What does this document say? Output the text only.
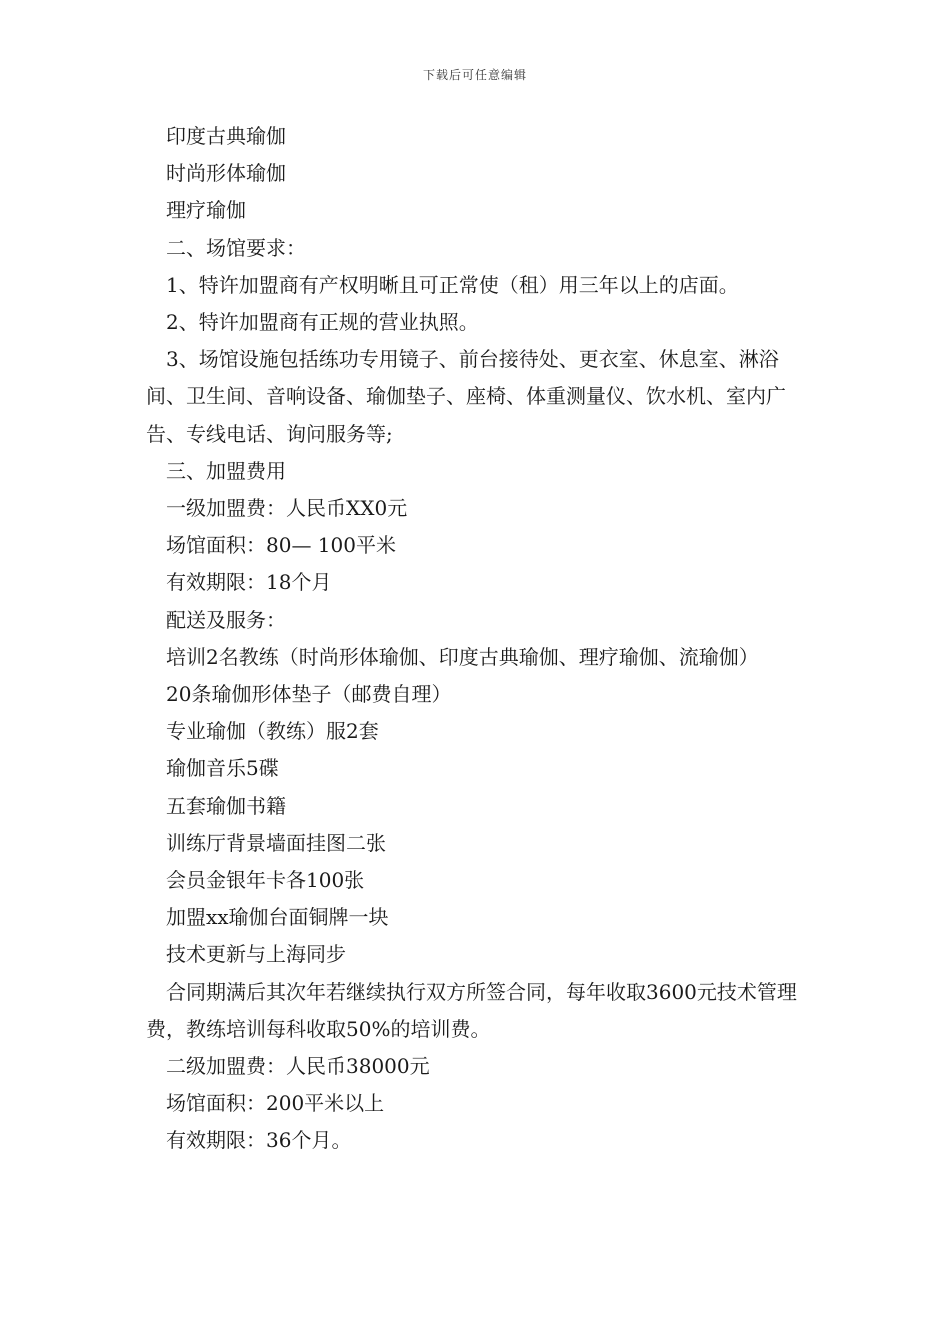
下载后可任意编辑

印度古典瑜伽

时尚形体瑜伽

理疗瑜伽

二、场馆要求：

1、特许加盟商有产权明晰且可正常使（租）用三年以上的店面。

2、特许加盟商有正规的营业执照。

3、场馆设施包括练功专用镜子、前台接待处、更衣室、休息室、淋浴间、卫生间、音响设备、瑜伽垫子、座椅、体重测量仪、饮水机、室内广告、专线电话、询问服务等;

三、加盟费用

一级加盟费：人民币XX0元

场馆面积：80— 100平米

有效期限：18个月

配送及服务：

培训2名教练（时尚形体瑜伽、印度古典瑜伽、理疗瑜伽、流瑜伽）

20条瑜伽形体垫子（邮费自理）

专业瑜伽（教练）服2套

瑜伽音乐5碟

五套瑜伽书籍

训练厅背景墙面挂图二张

会员金银年卡各100张

加盟xx瑜伽台面铜牌一块

技术更新与上海同步

合同期满后其次年若继续执行双方所签合同，每年收取3600元技术管理费，教练培训每科收取50%的培训费。

二级加盟费：人民币38000元

场馆面积：200平米以上

有效期限：36个月。
